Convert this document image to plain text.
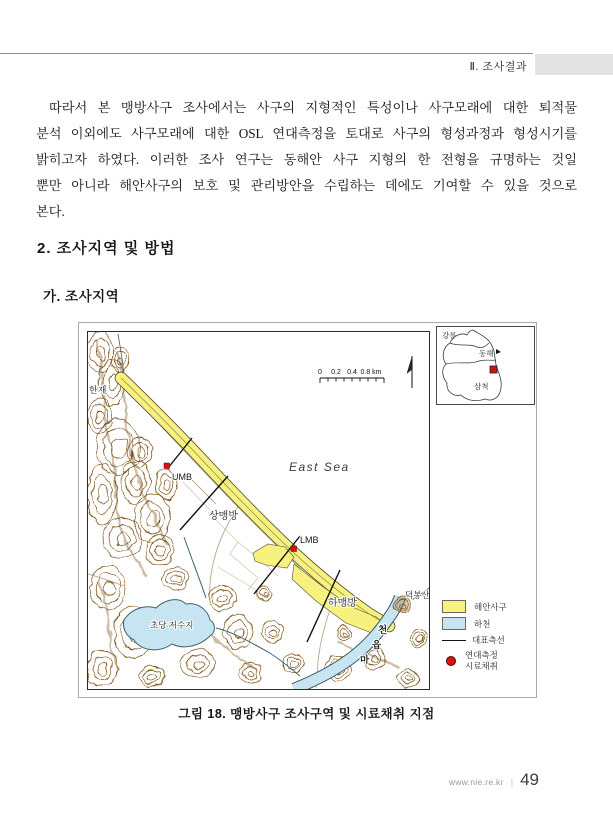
Ⅱ. 조사결과
따라서 본 맹방사구 조사에서는 사구의 지형적인 특성이나 사구모래에 대한 퇴적물
분석 이외에도 사구모래에 대한 OSL 연대측정을 토대로 사구의 형성과정과 형성시기를
밝히고자 하였다. 이러한 조사 연구는 동해안 사구 지형의 한 전형을 규명하는 것일
뿐만 아니라 해안사구의 보호 및 관리방안을 수립하는 데에도 기여할 수 있을 것으로
본다.
2. 조사지역 및 방법
가. 조사지역
0 0.2 0.4 0.8 km
한재
East Sea
UMB
LMB
상맹방
하맹방
덕봉산
초당 저수지
마
읍
천
강릉
동해
삼척
해안사구
하천
대표측선
연대측정
시료채취
그림 18. 맹방사구 조사구역 및 시료채취 지점
www.nie.re.kr | 49
